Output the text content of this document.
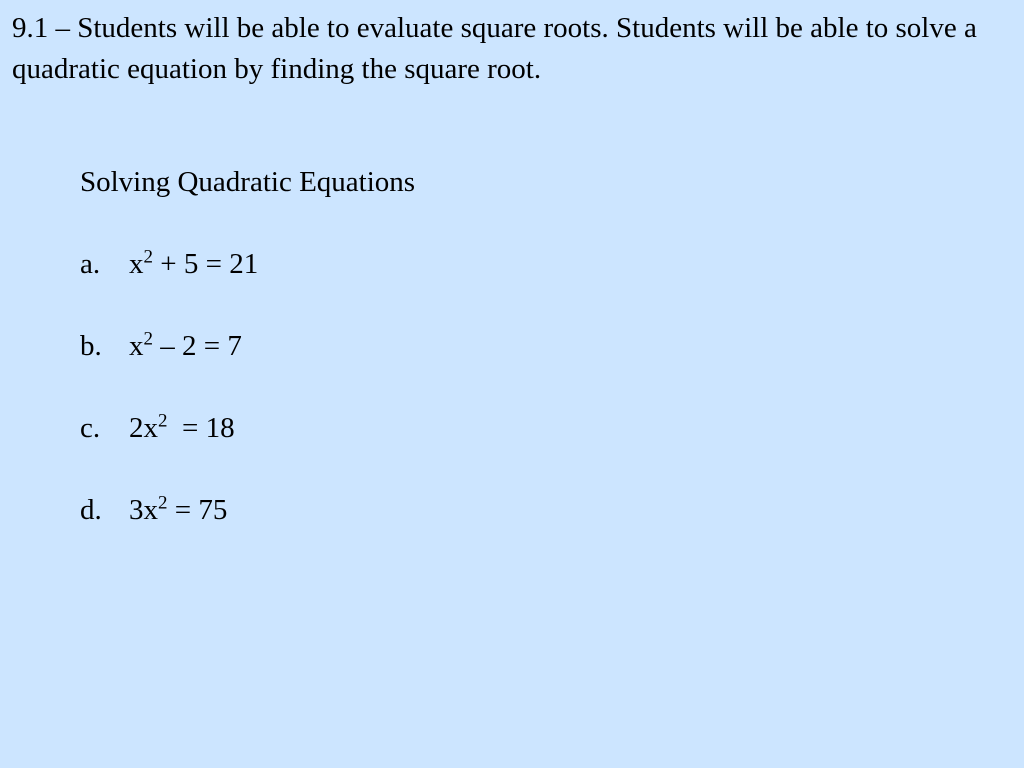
9.1 – Students will be able to evaluate square roots. Students will be able to solve a quadratic equation by finding the square root.

Solving Quadratic Equations
a. $x^2 + 5 = 21$
b. $x^2 - 2 = 7$
c. $2x^2 = 18$
d. $3x^2 = 75$
